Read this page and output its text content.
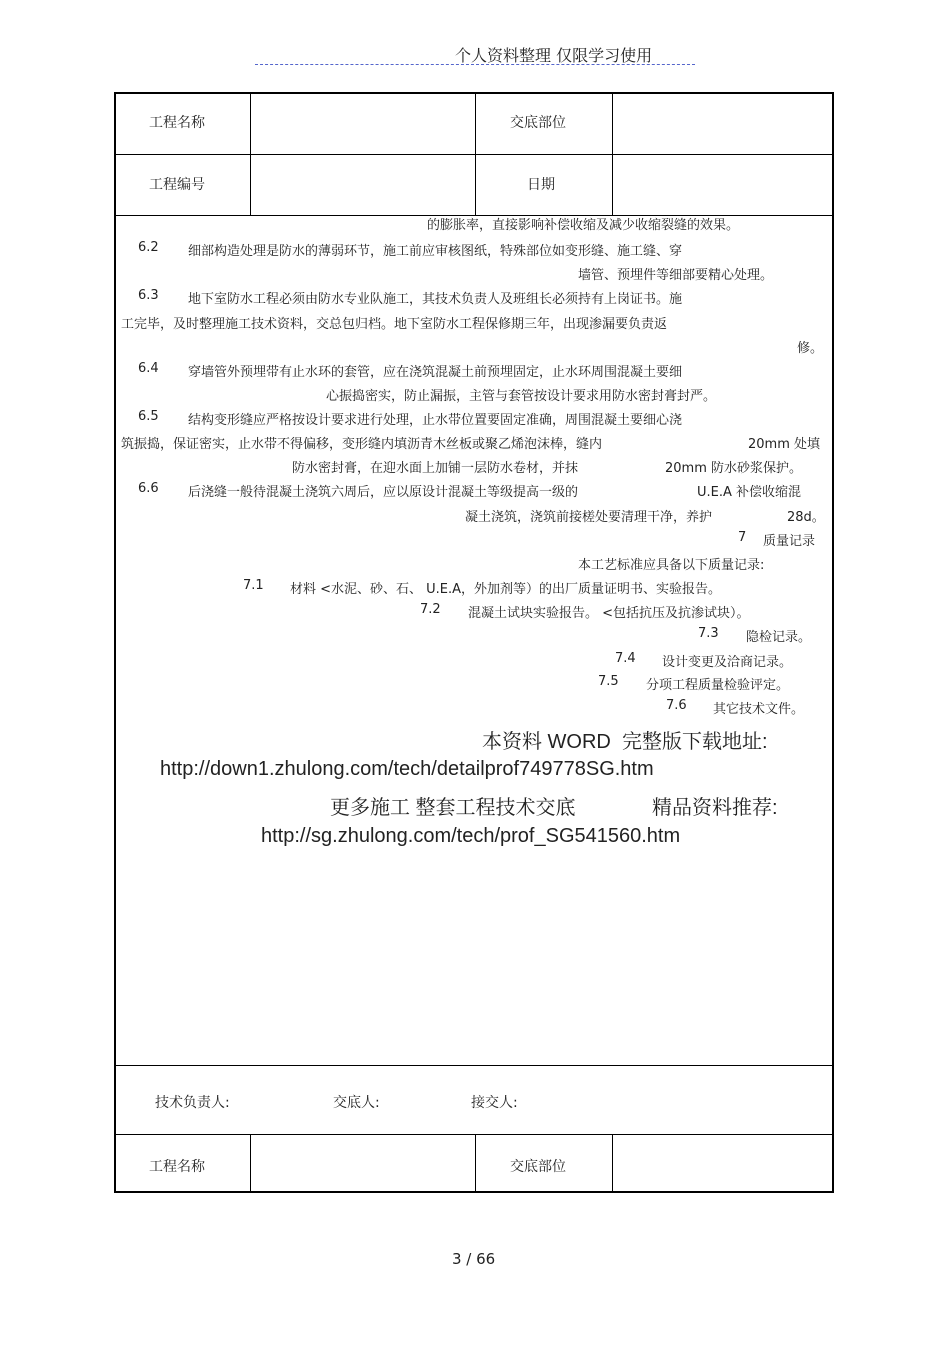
个人资料整理 仅限学习使用
工程名称	交底部位
工程编号	日期
技术负责人:	交底人:	接交人:
工程名称	交底部位
的膨胀率，直接影响补偿收缩及减少收缩裂缝的效果。
6.2 细部构造处理是防水的薄弱环节，施工前应审核图纸，特殊部位如变形缝、施工缝、穿
墙管、预埋件等细部要精心处理。
6.3 地下室防水工程必须由防水专业队施工，其技术负责人及班组长必须持有上岗证书。施
工完毕，及时整理施工技术资料，交总包归档。地下室防水工程保修期三年，出现渗漏要负责返
修。
6.4 穿墙管外预埋带有止水环的套管，应在浇筑混凝土前预埋固定，止水环周围混凝土要细
心振捣密实，防止漏振，主管与套管按设计要求用防水密封膏封严。
6.5 结构变形缝应严格按设计要求进行处理，止水带位置要固定准确，周围混凝土要细心浇
筑振捣，保证密实，止水带不得偏移，变形缝内填沥青木丝板或聚乙烯泡沫棒，缝内	20mm 处填
防水密封膏，在迎水面上加铺一层防水卷材，并抹	20mm 防水砂浆保护。
6.6 后浇缝一般待混凝土浇筑六周后，应以原设计混凝土等级提高一级的	U.E.A 补偿收缩混
凝土浇筑，浇筑前接槎处要清理干净，养护	28d。
7 质量记录
本工艺标准应具备以下质量记录:
7.1 材料 <水泥、砂、石、 U.E.A，外加剂等）的出厂质量证明书、实验报告。
7.2 混凝土试块实验报告。 <包括抗压及抗渗试块）。
7.3 隐检记录。
7.4 设计变更及洽商记录。
7.5 分项工程质量检验评定。
7.6 其它技术文件。
本资料 WORD 完整版下载地址:
http://down1.zhulong.com/tech/detailprof749778SG.htm
更多施工 整套工程技术交底	精品资料推荐:
http://sg.zhulong.com/tech/prof_SG541560.htm
3 / 66
